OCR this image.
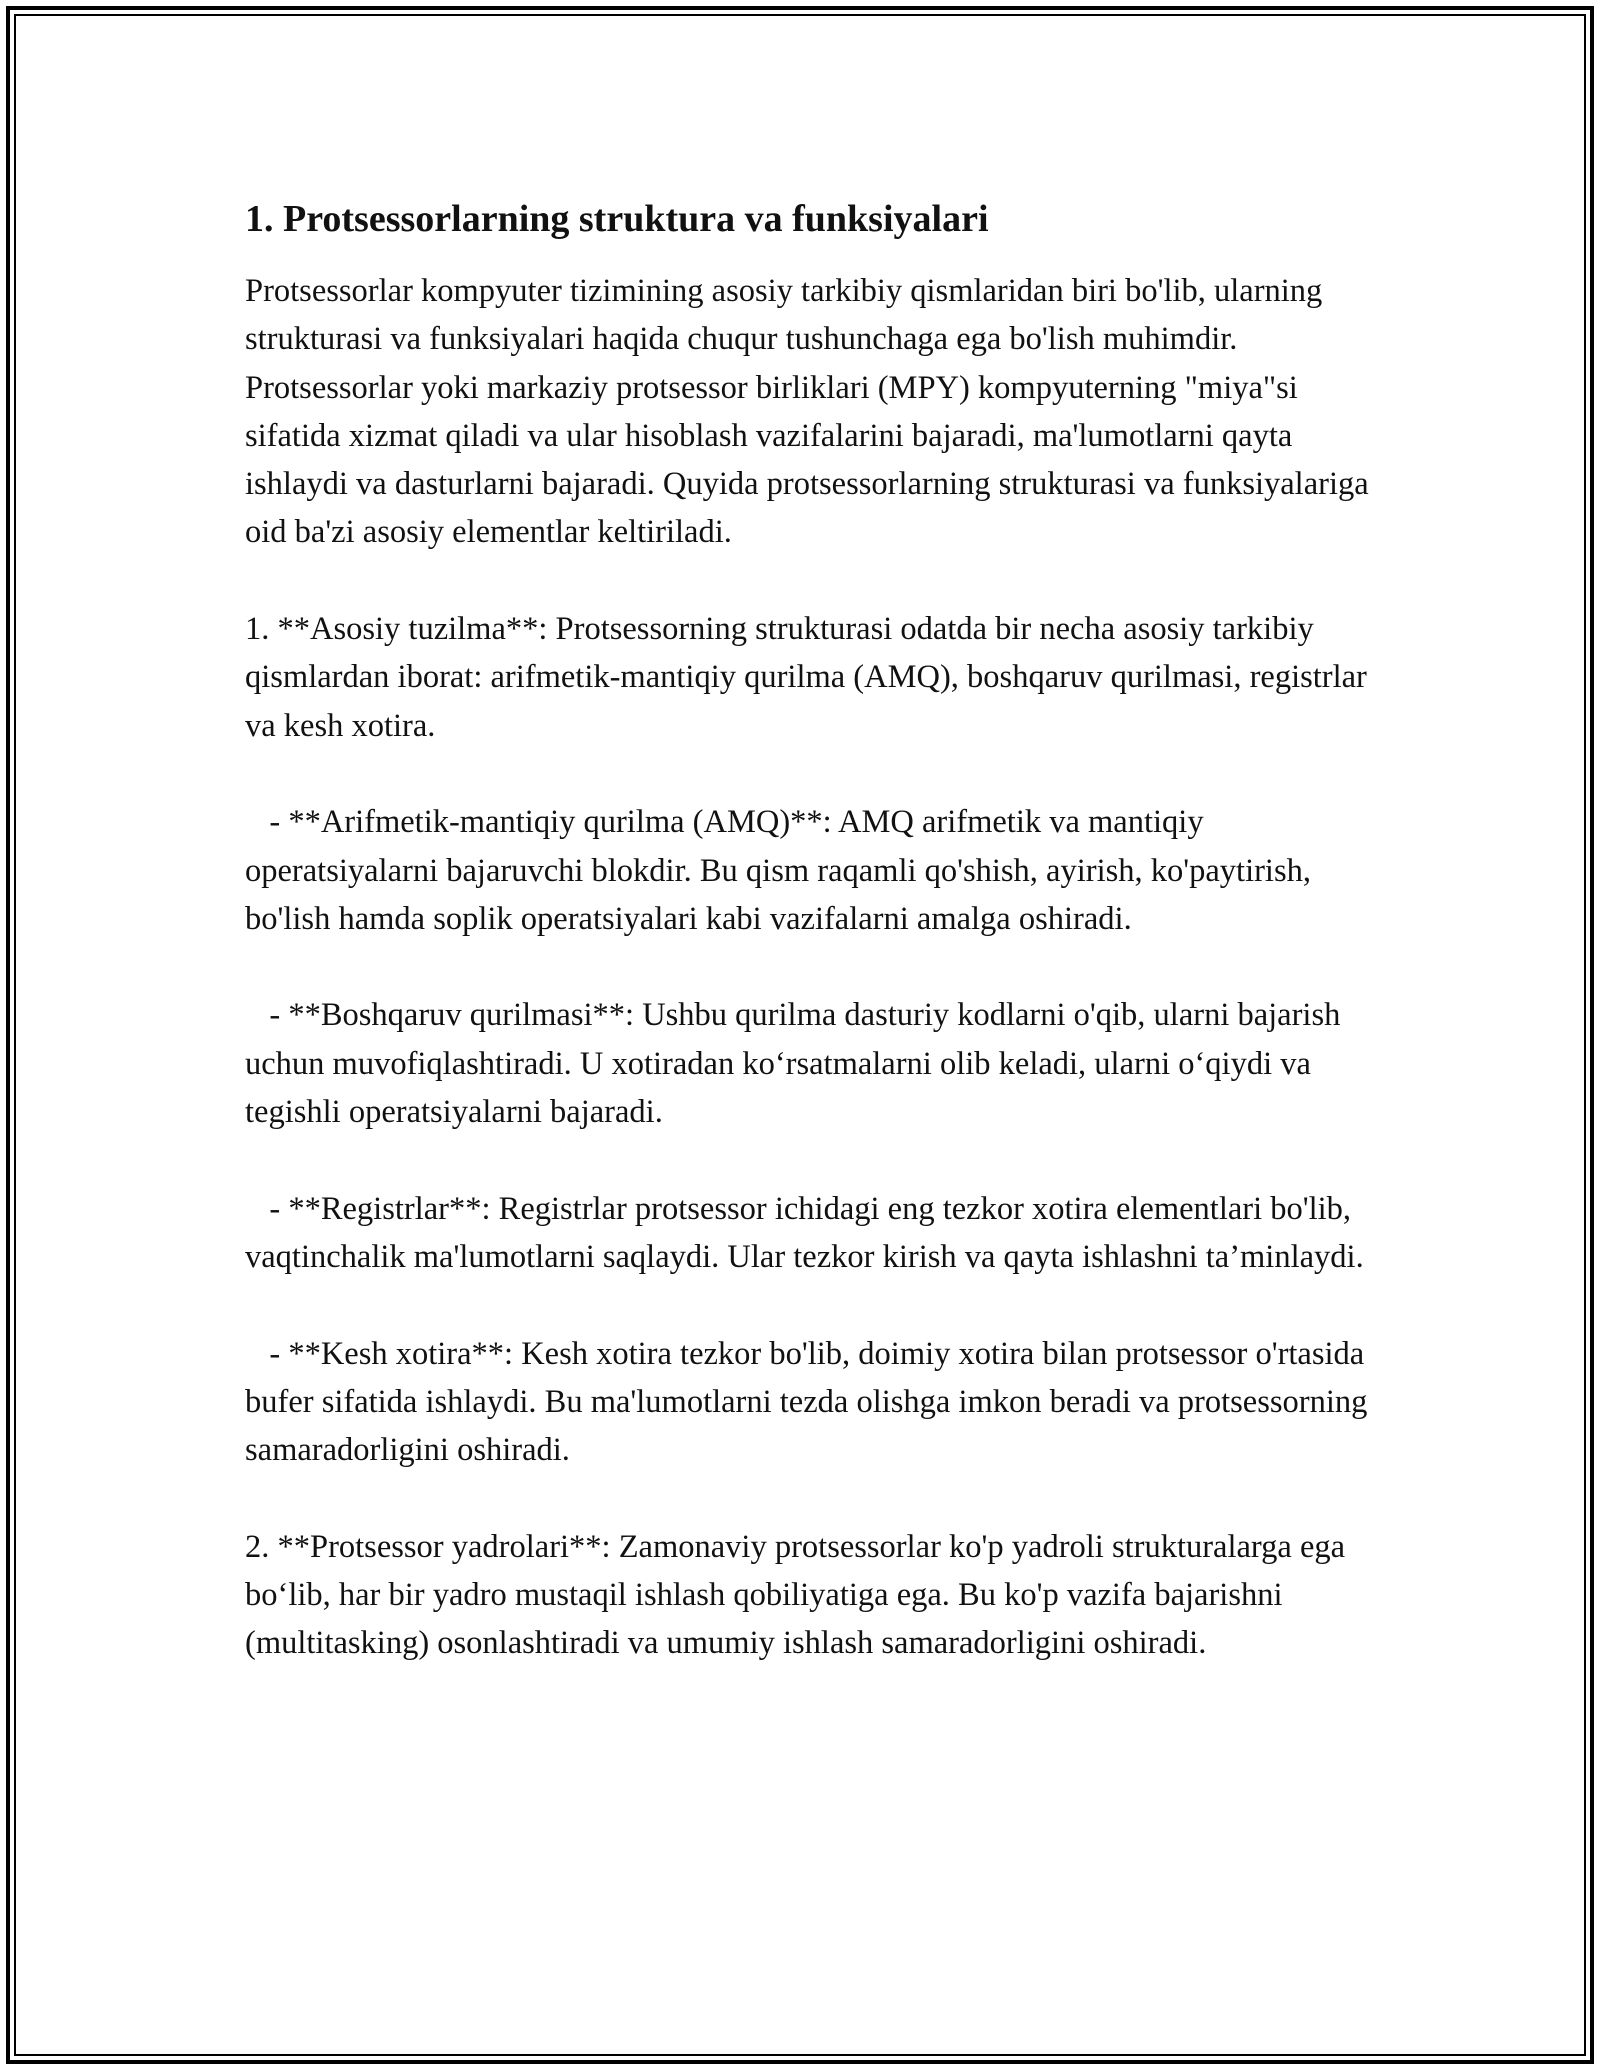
1. Protsessorlarning struktura va funksiyalari

Protsessorlar kompyuter tizimining asosiy tarkibiy qismlaridan biri bo'lib, ularning strukturasi va funksiyalari haqida chuqur tushunchaga ega bo'lish muhimdir. Protsessorlar yoki markaziy protsessor birliklari (MPY) kompyuterning "miya"si sifatida xizmat qiladi va ular hisoblash vazifalarini bajaradi, ma'lumotlarni qayta ishlaydi va dasturlarni bajaradi. Quyida protsessorlarning strukturasi va funksiyalariga oid ba'zi asosiy elementlar keltiriladi.

1. **Asosiy tuzilma**: Protsessorning strukturasi odatda bir necha asosiy tarkibiy qismlardan iborat: arifmetik-mantiqiy qurilma (AMQ), boshqaruv qurilmasi, registrlar va kesh xotira.

- **Arifmetik-mantiqiy qurilma (AMQ)**: AMQ arifmetik va mantiqiy operatsiyalarni bajaruvchi blokdir. Bu qism raqamli qo'shish, ayirish, ko'paytirish, bo'lish hamda soplik operatsiyalari kabi vazifalarni amalga oshiradi.

- **Boshqaruv qurilmasi**: Ushbu qurilma dasturiy kodlarni o'qib, ularni bajarish uchun muvofiqlashtiradi. U xotiradan ko‘rsatmalarni olib keladi, ularni o‘qiydi va tegishli operatsiyalarni bajaradi.

- **Registrlar**: Registrlar protsessor ichidagi eng tezkor xotira elementlari bo'lib, vaqtinchalik ma'lumotlarni saqlaydi. Ular tezkor kirish va qayta ishlashni ta’minlaydi.

- **Kesh xotira**: Kesh xotira tezkor bo'lib, doimiy xotira bilan protsessor o'rtasida bufer sifatida ishlaydi. Bu ma'lumotlarni tezda olishga imkon beradi va protsessorning samaradorligini oshiradi.

2. **Protsessor yadrolari**: Zamonaviy protsessorlar ko'p yadroli strukturalarga ega bo‘lib, har bir yadro mustaqil ishlash qobiliyatiga ega. Bu ko'p vazifa bajarishni (multitasking) osonlashtiradi va umumiy ishlash samaradorligini oshiradi.
